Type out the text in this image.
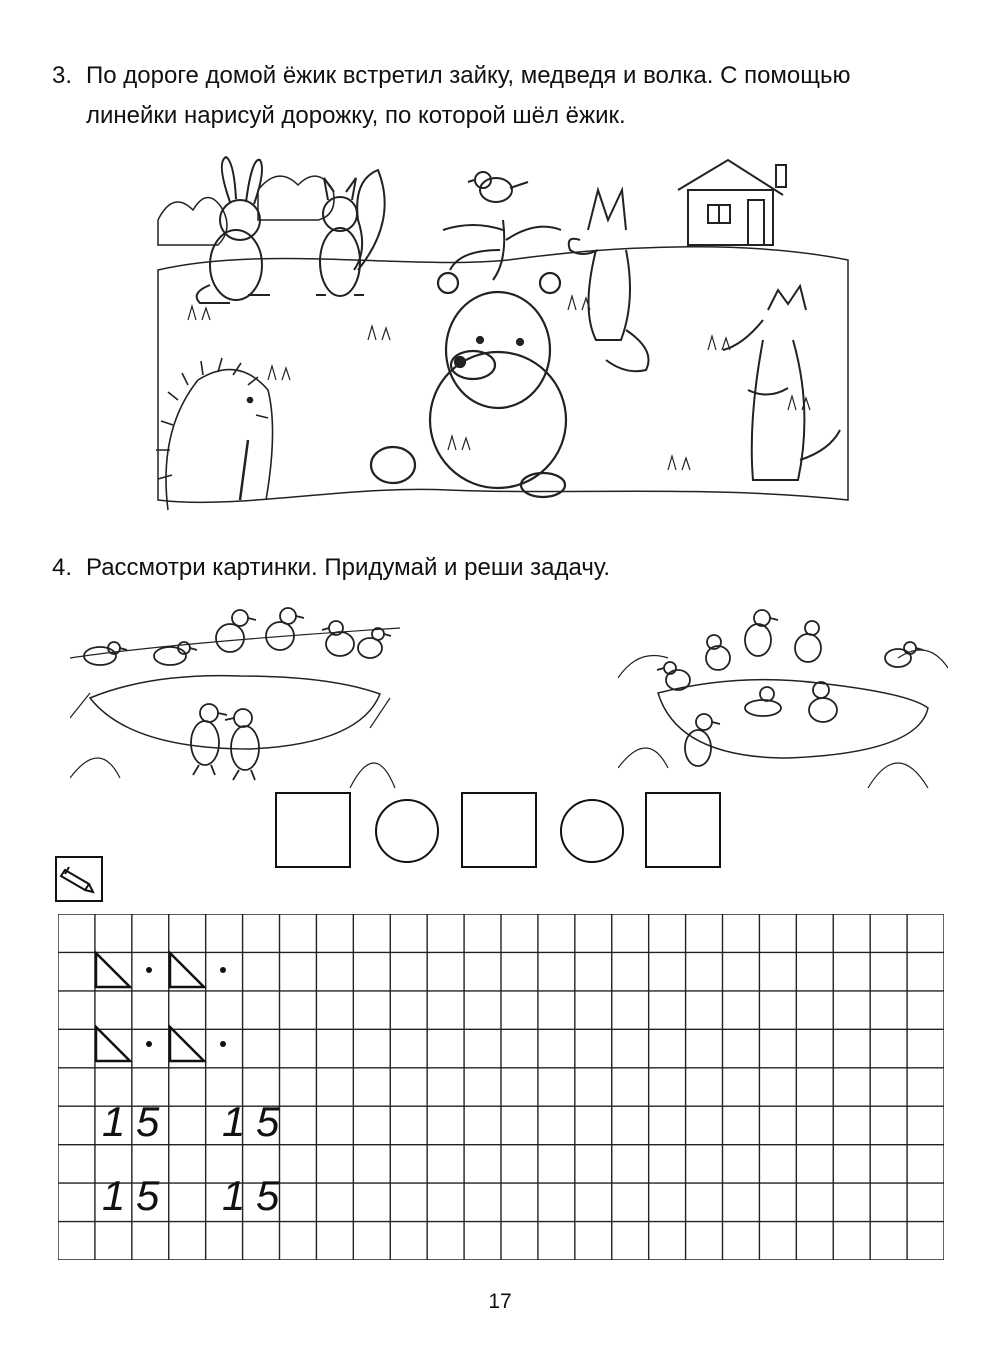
3. По дороге домой ёжик встретил зайку, медведя и волка. С помощью
линейки нарисуй дорожку, по которой шёл ёжик.
4. Рассмотри картинки. Придумай и реши задачу.
1 5 1 5
1 5 1 5
17
